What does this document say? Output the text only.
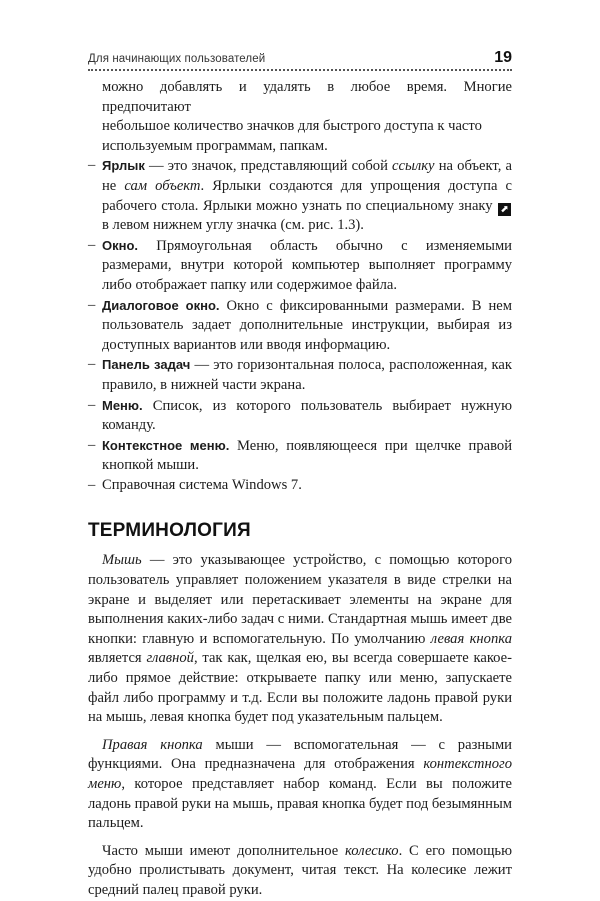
Для начинающих пользователей	19

можно добавлять и удалять в любое время. Многие предпочитают
небольшое количество значков для быстрого доступа к часто
используемым программам, папкам.

– Ярлык — это значок, представляющий собой ссылку на объект, а не сам объект. Ярлыки создаются для упрощения доступа с рабочего стола. Ярлыки можно узнать по специальному знаку ⬈ в левом нижнем углу значка (см. рис. 1.3).
– Окно. Прямоугольная область обычно с изменяемыми размерами, внутри которой компьютер выполняет программу либо отображает папку или содержимое файла.
– Диалоговое окно. Окно с фиксированными размерами. В нем пользователь задает дополнительные инструкции, выбирая из доступных вариантов или вводя информацию.
– Панель задач — это горизонтальная полоса, расположенная, как правило, в нижней части экрана.
– Меню. Список, из которого пользователь выбирает нужную команду.
– Контекстное меню. Меню, появляющееся при щелчке правой кнопкой мыши.
– Справочная система Windows 7.
ТЕРМИНОЛОГИЯ

Мышь — это указывающее устройство, с помощью которого пользователь управляет положением указателя в виде стрелки на экране и выделяет или перетаскивает элементы на экране для выполнения каких-либо задач с ними. Стандартная мышь имеет две кнопки: главную и вспомогательную. По умолчанию левая кнопка является главной, так как, щелкая ею, вы всегда совершаете какое-либо прямое действие: открываете папку или меню, запускаете файл либо программу и т.д. Если вы положите ладонь правой руки на мышь, левая кнопка будет под указательным пальцем.

Правая кнопка мыши — вспомогательная — с разными функциями. Она предназначена для отображения контекстного меню, которое представляет набор команд. Если вы положите ладонь правой руки на мышь, правая кнопка будет под безымянным пальцем.

Часто мыши имеют дополнительное колесико. С его помощью удобно пролистывать документ, читая текст. На колесике лежит средний палец правой руки.
